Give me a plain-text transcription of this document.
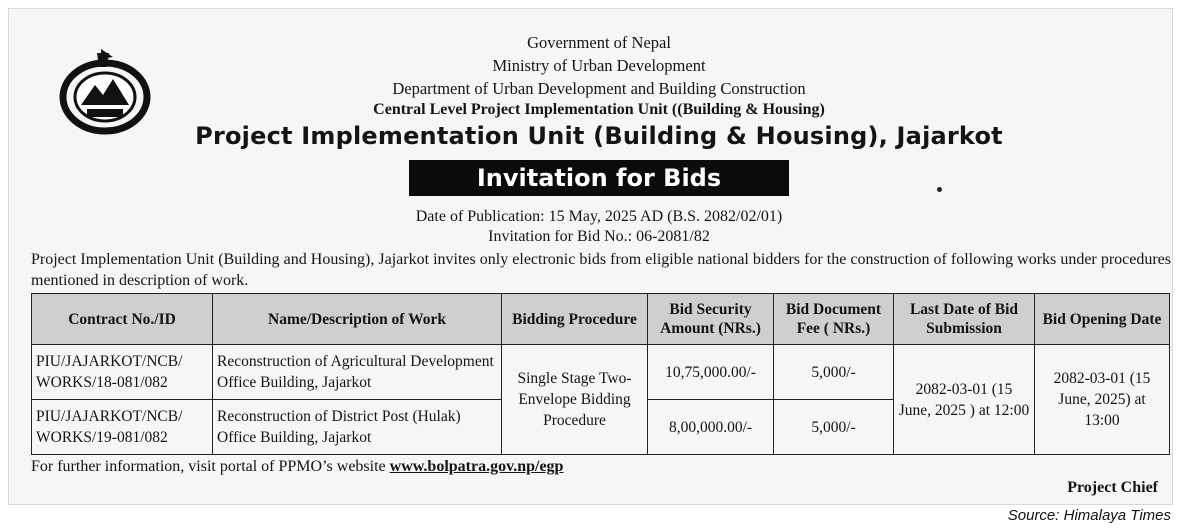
Government of Nepal
Ministry of Urban Development
Department of Urban Development and Building Construction
Central Level Project Implementation Unit ((Building & Housing)
Project Implementation Unit (Building & Housing), Jajarkot
Invitation for Bids
Date of Publication: 15 May, 2025 AD (B.S. 2082/02/01)
Invitation for Bid No.: 06-2081/82
Project Implementation Unit (Building and Housing), Jajarkot invites only electronic bids from eligible national bidders for the construction of following works under procedures mentioned in description of work.
Contract No./ID	Name/Description of Work	Bidding Procedure	Bid Security Amount (NRs.)	Bid Document Fee ( NRs.)	Last Date of Bid Submission	Bid Opening Date
PIU/JAJARKOT/NCB/ WORKS/18-081/082	Reconstruction of Agricultural Development Office Building, Jajarkot	Single Stage Two-Envelope Bidding Procedure	10,75,000.00/-	5,000/-	2082-03-01 (15 June, 2025 ) at 12:00	2082-03-01 (15 June, 2025) at 13:00
PIU/JAJARKOT/NCB/ WORKS/19-081/082	Reconstruction of District Post (Hulak) Office Building, Jajarkot		8,00,000.00/-	5,000/-		
For further information, visit portal of PPMO’s website www.bolpatra.gov.np/egp
Project Chief
Source: Himalaya Times
